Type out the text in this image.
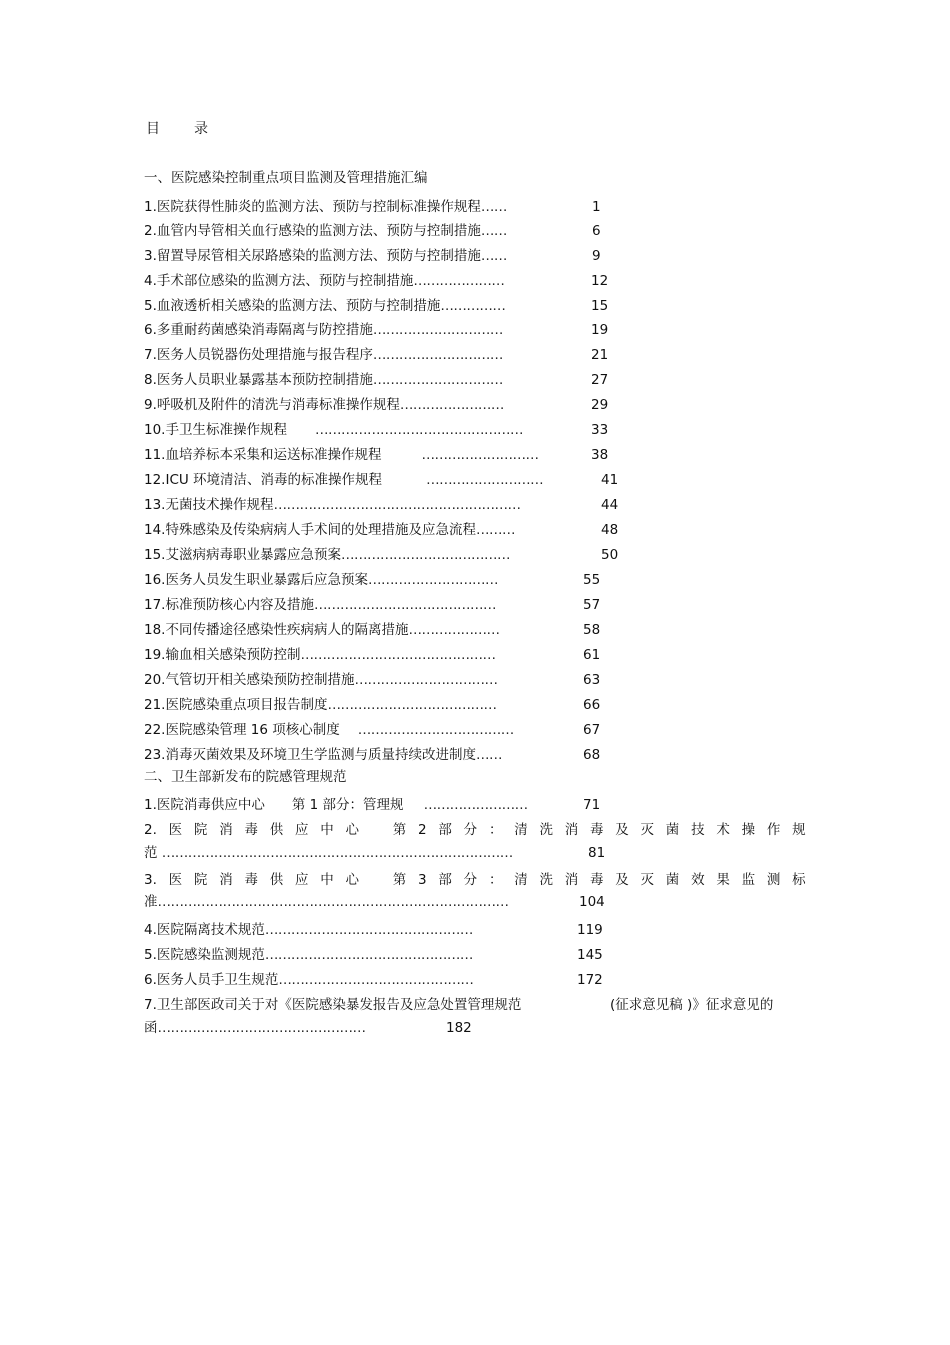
目 录
一、医院感染控制重点项目监测及管理措施汇编
1.医院获得性肺炎的监测方法、预防与控制标准操作规程……	1
2.血管内导管相关血行感染的监测方法、预防与控制措施……	6
3.留置导尿管相关尿路感染的监测方法、预防与控制措施……	9
4.手术部位感染的监测方法、预防与控制措施…………………	12
5.血液透析相关感染的监测方法、预防与控制措施……………	15
6.多重耐药菌感染消毒隔离与防控措施…………………………	19
7.医务人员锐器伤处理措施与报告程序…………………………	21
8.医务人员职业暴露基本预防控制措施…………………………	27
9.呼吸机及附件的清洗与消毒标准操作规程……………………	29
10.手卫生标准操作规程 …………………………………………	33
11.血培养标本采集和运送标准操作规程	………………………	38
12.ICU 环境清洁、消毒的标准操作规程	………………………	41
13.无菌技术操作规程…………………………………………………	44
14.特殊感染及传染病病人手术间的处理措施及应急流程………	48
15.艾滋病病毒职业暴露应急预案…………………………………	50
16.医务人员发生职业暴露后应急预案…………………………	55
17.标准预防核心内容及措施……………………………………	57
18.不同传播途径感染性疾病病人的隔离措施…………………	58
19.输血相关感染预防控制………………………………………	61
20.气管切开相关感染预防控制措施……………………………	63
21.医院感染重点项目报告制度…………………………………	66
22.医院感染管理 16 项核心制度 ………………………………	67
23.消毒灭菌效果及环境卫生学监测与质量持续改进制度……	68
二、卫生部新发布的院感管理规范
1.医院消毒供应中心　　第 1 部分：管理规 ……………………	71
2. 医 院 消 毒 供 应 中 心	第 2 部 分 ： 清 洗 消 毒 及 灭 菌 技 术 操 作 规
范 ………………………………………………………………………	81
3. 医 院 消 毒 供 应 中 心	第 3 部 分 ： 清 洗 消 毒 及 灭 菌 效 果 监 测 标
准………………………………………………………………………	104
4.医院隔离技术规范…………………………………………	119
5.医院感染监测规范…………………………………………	145
6.医务人员手卫生规范………………………………………	172
7.卫生部医政司关于对《医院感染暴发报告及应急处置管理规范	(征求意见稿 )》征求意见的
函…………………………………………	182
